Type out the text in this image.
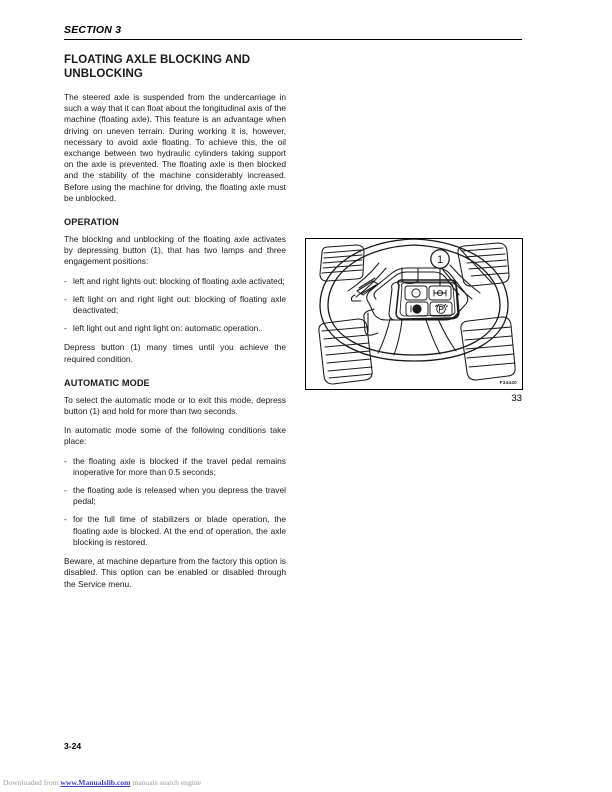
SECTION 3
FLOATING AXLE BLOCKING AND UNBLOCKING

The steered axle is suspended from the undercarriage in such a way that it can float about the longitudinal axis of the machine (floating axle). This feature is an advantage when driving on uneven terrain. During working it is, however, necessary to avoid axle floating. To achieve this, the oil exchange between two hydraulic cylinders taking support on the axle is prevented. The floating axle is then blocked and the stability of the machine considerably increased. Before using the machine for driving, the floating axle must be unblocked.

OPERATION

The blocking and unblocking of the floating axle activates by depressing button (1), that has two lamps and three engagement positions:

- left and right lights out: blocking of floating axle activated;
- left light on and right light out: blocking of floating axle deactivated;
- left light out and right light on: automatic operation.

Depress button (1) many times until you achieve the required condition.

AUTOMATIC MODE

To select the automatic mode or to exit this mode, depress button (1) and hold for more than two seconds.

In automatic mode some of the following conditions take place:

- the floating axle is blocked if the travel pedal remains inoperative for more than 0.5 seconds;
- the floating axle is released when you depress the travel pedal;
- for the full time of stabilizers or blade operation, the floating axle is blocked. At the end of operation, the axle blocking is restored.

Beware, at machine departure from the factory this option is disabled. This option can be enabled or disabled through the Service menu.

1
F34440
33
3-24
Downloaded from www.Manualslib.com manuals search engine
